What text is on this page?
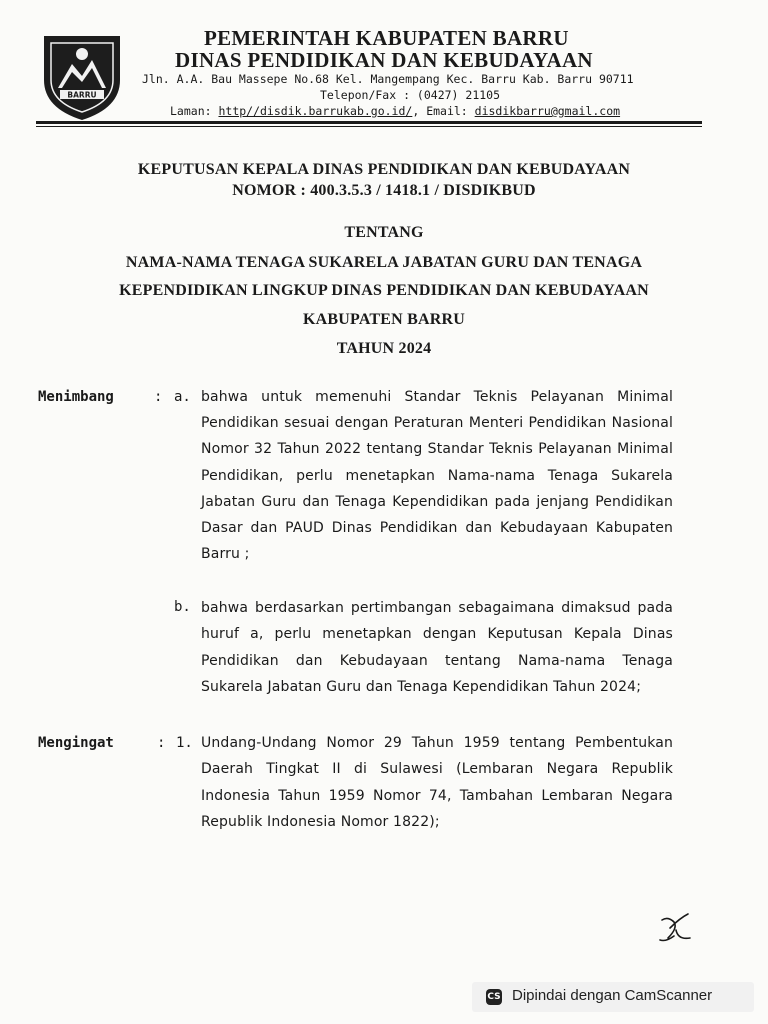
BARRU
PEMERINTAH KABUPATEN BARRU
DINAS PENDIDIKAN DAN KEBUDAYAAN
Jln. A.A. Bau Massepe No.68 Kel. Mangempang Kec. Barru Kab. Barru 90711
Telepon/Fax : (0427) 21105
Laman: http//disdik.barrukab.go.id/, Email: disdikbarru@gmail.com
KEPUTUSAN KEPALA DINAS PENDIDIKAN DAN KEBUDAYAAN
NOMOR : 400.3.5.3 / 1418.1 / DISDIKBUD
TENTANG
NAMA-NAMA TENAGA SUKARELA JABATAN GURU DAN TENAGA
KEPENDIDIKAN LINGKUP DINAS PENDIDIKAN DAN KEBUDAYAAN
KABUPATEN BARRU
TAHUN 2024
Menimbang	: a. bahwa untuk memenuhi Standar Teknis Pelayanan Minimal Pendidikan sesuai dengan Peraturan Menteri Pendidikan Nasional Nomor 32 Tahun 2022 tentang Standar Teknis Pelayanan Minimal Pendidikan, perlu menetapkan Nama-nama Tenaga Sukarela Jabatan Guru dan Tenaga Kependidikan pada jenjang Pendidikan Dasar dan PAUD Dinas Pendidikan dan Kebudayaan Kabupaten Barru ;
b. bahwa berdasarkan pertimbangan sebagaimana dimaksud pada huruf a, perlu menetapkan dengan Keputusan Kepala Dinas Pendidikan dan Kebudayaan tentang Nama-nama Tenaga Sukarela Jabatan Guru dan Tenaga Kependidikan Tahun 2024;
Mengingat	: 1. Undang-Undang Nomor 29 Tahun 1959 tentang Pembentukan Daerah Tingkat II di Sulawesi (Lembaran Negara Republik Indonesia Tahun 1959 Nomor 74, Tambahan Lembaran Negara Republik Indonesia Nomor 1822);
CS Dipindai dengan CamScanner
